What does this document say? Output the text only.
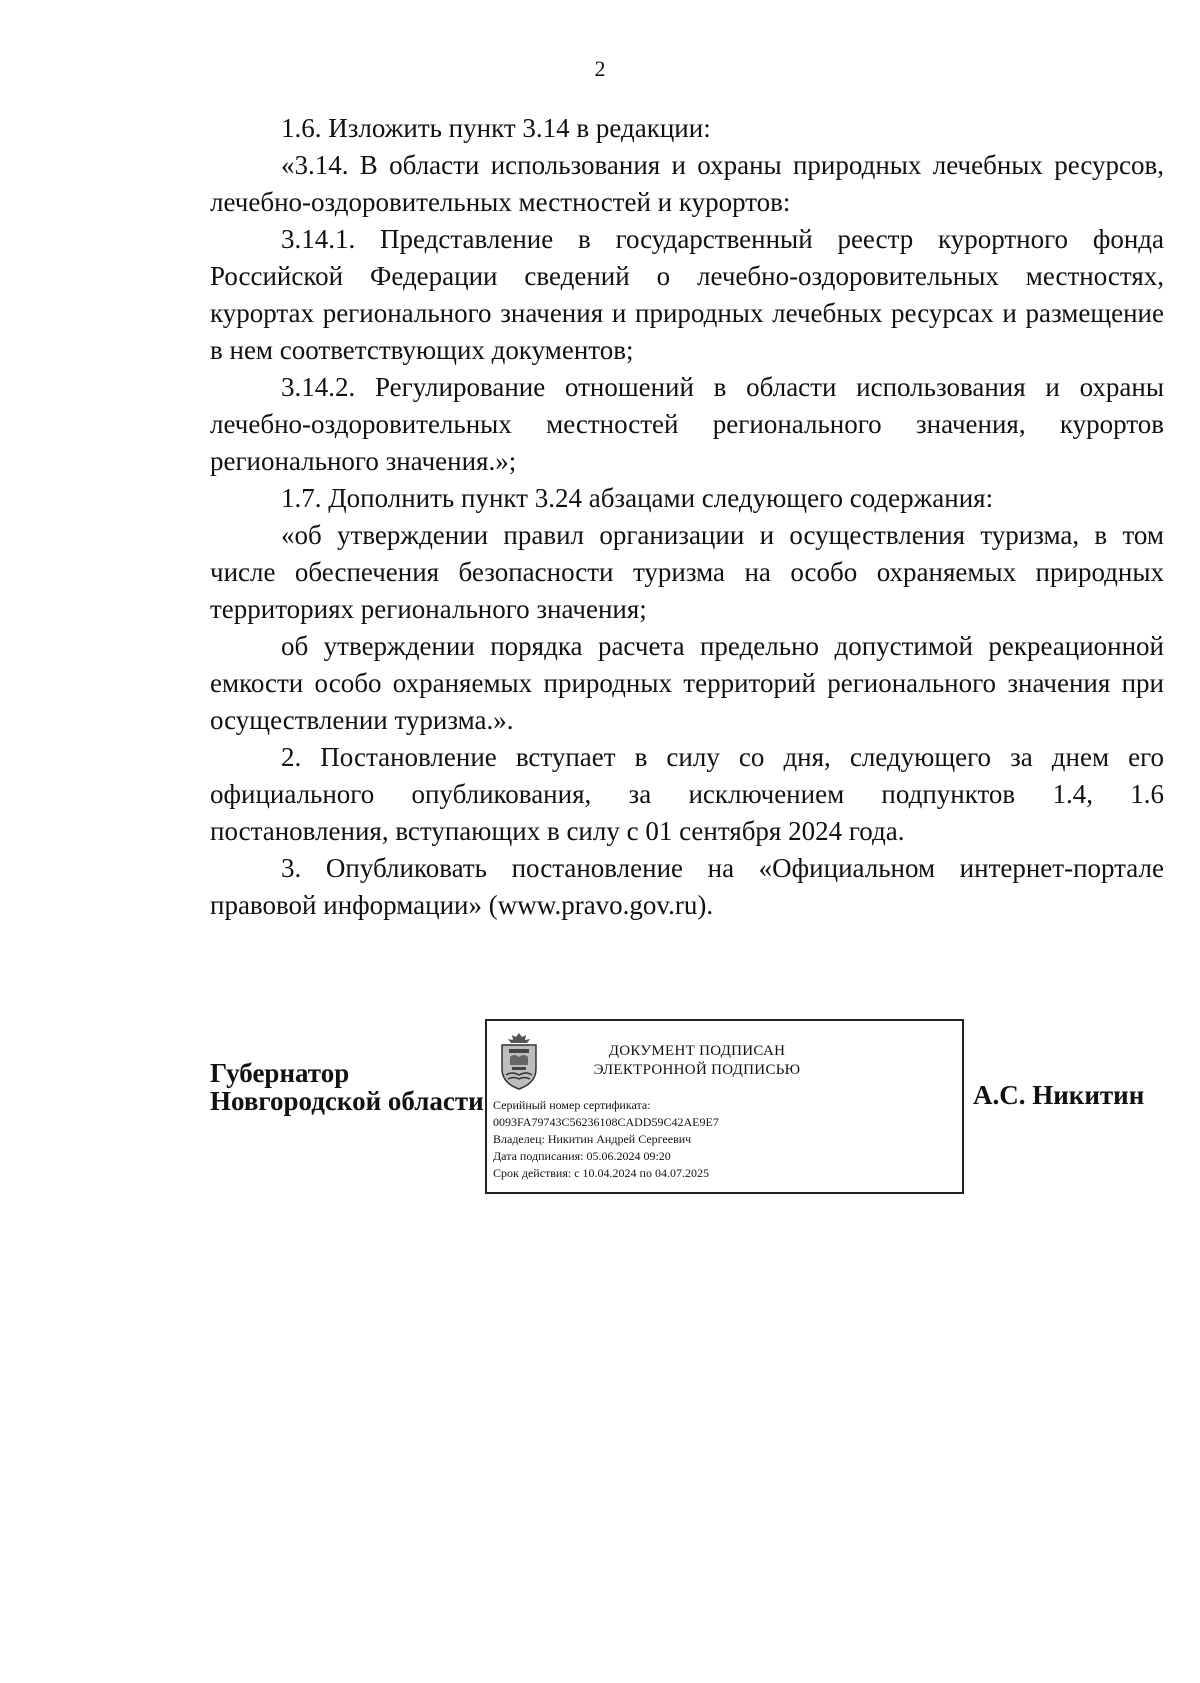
2

1.6. Изложить пункт 3.14 в редакции:

«3.14. В области использования и охраны природных лечебных ресурсов, лечебно-оздоровительных местностей и курортов:

3.14.1. Представление в государственный реестр курортного фонда Российской Федерации сведений о лечебно-оздоровительных местностях, курортах регионального значения и природных лечебных ресурсах и размещение в нем соответствующих документов;

3.14.2. Регулирование отношений в области использования и охраны лечебно-оздоровительных местностей регионального значения, курортов регионального значения.»;

1.7. Дополнить пункт 3.24 абзацами следующего содержания:

«об утверждении правил организации и осуществления туризма, в том числе обеспечения безопасности туризма на особо охраняемых природных территориях регионального значения;

об утверждении порядка расчета предельно допустимой рекреационной емкости особо охраняемых природных территорий регионального значения при осуществлении туризма.».

2. Постановление вступает в силу со дня, следующего за днем его официального опубликования, за исключением подпунктов 1.4, 1.6 постановления, вступающих в силу с 01 сентября 2024 года.

3. Опубликовать постановление на «Официальном интернет-портале правовой информации» (www.pravo.gov.ru).

Губернатор
Новгородской области
ДОКУМЕНТ ПОДПИСАН
ЭЛЕКТРОННОЙ ПОДПИСЬЮ
Серийный номер сертификата:
0093FA79743C56236108CADD59C42AE9E7
Владелец: Никитин Андрей Сергеевич
Дата подписания: 05.06.2024 09:20
Срок действия: с 10.04.2024 по 04.07.2025
А.С. Никитин
